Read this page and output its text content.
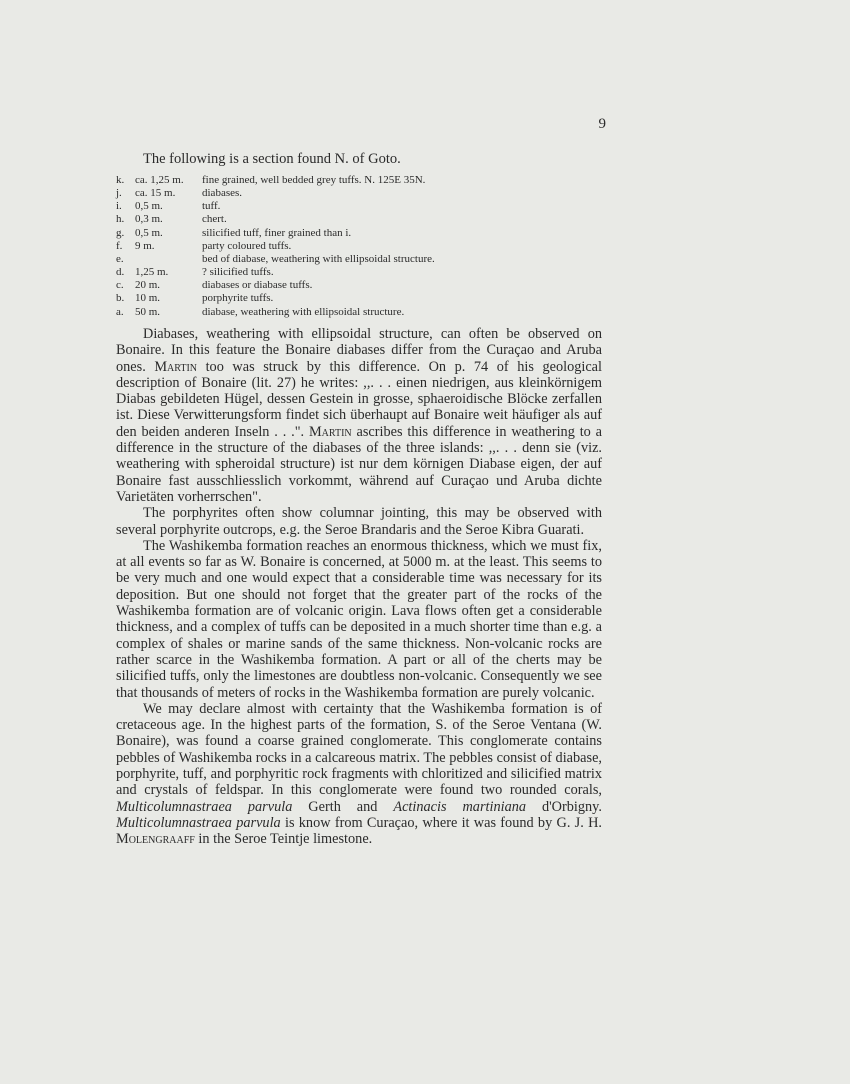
9
The following is a section found N. of Goto.
k.	ca. 1,25 m.	fine grained, well bedded grey tuffs. N. 125E 35N.
j.	ca. 15 m.	diabases.
i.	0,5 m.	tuff.
h.	0,3 m.	chert.
g.	0,5 m.	silicified tuff, finer grained than i.
f.	9 m.	party coloured tuffs.
e.		bed of diabase, weathering with ellipsoidal structure.
d.	1,25 m.	? silicified tuffs.
c.	20 m.	diabases or diabase tuffs.
b.	10 m.	porphyrite tuffs.
a.	50 m.	diabase, weathering with ellipsoidal structure.

Diabases, weathering with ellipsoidal structure, can often be observed on Bonaire. In this feature the Bonaire diabases differ from the Curaçao and Aruba ones. Martin too was struck by this difference. On p. 74 of his geological description of Bonaire (lit. 27) he writes: ,,. . . einen niedrigen, aus kleinkörnigem Diabas gebildeten Hügel, dessen Gestein in grosse, sphaeroidische Blöcke zerfallen ist. Diese Verwitterungsform findet sich überhaupt auf Bonaire weit häufiger als auf den beiden anderen Inseln . . .". Martin ascribes this difference in weathering to a difference in the structure of the diabases of the three islands: ,,. . . denn sie (viz. weathering with spheroidal structure) ist nur dem körnigen Diabase eigen, der auf Bonaire fast ausschliesslich vorkommt, während auf Curaçao und Aruba dichte Varietäten vorherrschen".

The porphyrites often show columnar jointing, this may be observed with several porphyrite outcrops, e.g. the Seroe Brandaris and the Seroe Kibra Guarati.

The Washikemba formation reaches an enormous thickness, which we must fix, at all events so far as W. Bonaire is concerned, at 5000 m. at the least. This seems to be very much and one would expect that a considerable time was necessary for its deposition. But one should not forget that the greater part of the rocks of the Washikemba formation are of volcanic origin. Lava flows often get a considerable thickness, and a complex of tuffs can be deposited in a much shorter time than e.g. a complex of shales or marine sands of the same thickness. Non-volcanic rocks are rather scarce in the Washikemba formation. A part or all of the cherts may be silicified tuffs, only the limestones are doubtless non-volcanic. Consequently we see that thousands of meters of rocks in the Washikemba formation are purely volcanic.

We may declare almost with certainty that the Washikemba formation is of cretaceous age. In the highest parts of the formation, S. of the Seroe Ventana (W. Bonaire), was found a coarse grained conglomerate. This conglomerate contains pebbles of Washikemba rocks in a calcareous matrix. The pebbles consist of diabase, porphyrite, tuff, and porphyritic rock fragments with chloritized and silicified matrix and crystals of feldspar. In this conglomerate were found two rounded corals, Multicolumnastraea parvula Gerth and Actinacis martiniana d'Orbigny. Multicolumnastraea parvula is know from Curaçao, where it was found by G. J. H. Molengraaff in the Seroe Teintje limestone.
